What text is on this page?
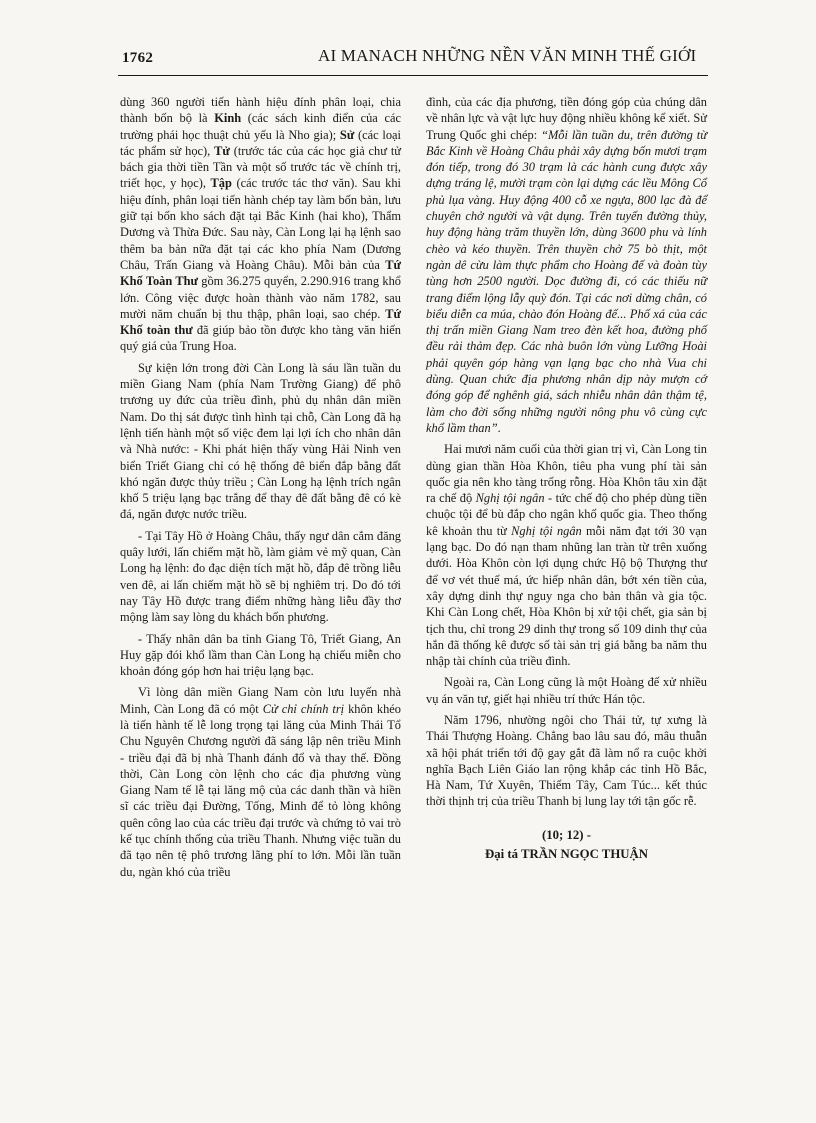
1762	AI MANACH NHỮNG NỀN VĂN MINH THẾ GIỚI

dùng 360 người tiến hành hiệu đính phân loại, chia thành bốn bộ là Kinh (các sách kinh điển của các trường phái học thuật chủ yếu là Nho gia); Sử (các loại tác phẩm sử học), Tử (trước tác của các học giả chư tử bách gia thời tiền Tần và một số trước tác về chính trị, triết học, y học), Tập (các trước tác thơ văn). Sau khi hiệu đính, phân loại tiến hành chép tay làm bốn bản, lưu giữ tại bốn kho sách đặt tại Bắc Kinh (hai kho), Thẩm Dương và Thừa Đức. Sau này, Càn Long lại hạ lệnh sao thêm ba bản nữa đặt tại các kho phía Nam (Dương Châu, Trấn Giang và Hoàng Châu). Mỗi bản của Tứ Khố Toàn Thư gồm 36.275 quyển, 2.290.916 trang khổ lớn. Công việc được hoàn thành vào năm 1782, sau mười năm chuẩn bị thu thập, phân loại, sao chép. Tứ Khố toàn thư đã giúp bảo tồn được kho tàng văn hiến quý giá của Trung Hoa.

Sự kiện lớn trong đời Càn Long là sáu lần tuần du miền Giang Nam (phía Nam Trường Giang) để phô trương uy đức của triều đình, phủ dụ nhân dân miền Nam. Do thị sát được tình hình tại chỗ, Càn Long đã hạ lệnh tiến hành một số việc đem lại lợi ích cho nhân dân và Nhà nước: - Khi phát hiện thấy vùng Hải Ninh ven biển Triết Giang chỉ có hệ thống đê biển đắp bằng đất khó ngăn được thủy triều ; Càn Long hạ lệnh trích ngân khố 5 triệu lạng bạc trắng để thay đê đất bằng đê có kè đá, ngăn được nước triều.

- Tại Tây Hồ ở Hoàng Châu, thấy ngư dân cắm đăng quây lưới, lấn chiếm mặt hồ, làm giảm vẻ mỹ quan, Càn Long hạ lệnh: đo đạc diện tích mặt hồ, đắp đê trồng liễu ven đê, ai lấn chiếm mặt hồ sẽ bị nghiêm trị. Do đó tới nay Tây Hồ được trang điểm những hàng liễu đầy thơ mộng làm say lòng du khách bốn phương.

- Thấy nhân dân ba tỉnh Giang Tô, Triết Giang, An Huy gặp đói khổ lầm than Càn Long hạ chiếu miễn cho khoản đóng góp hơn hai triệu lạng bạc.

Vì lòng dân miền Giang Nam còn lưu luyến nhà Minh, Càn Long đã có một Cử chỉ chính trị khôn khéo là tiến hành tế lễ long trọng tại lăng của Minh Thái Tổ Chu Nguyên Chương người đã sáng lập nên triều Minh - triều đại đã bị nhà Thanh đánh đổ và thay thế. Đồng thời, Càn Long còn lệnh cho các địa phương vùng Giang Nam tế lễ tại lăng mộ của các danh thần và hiền sĩ các triều đại Đường, Tống, Minh để tỏ lòng không quên công lao của các triều đại trước và chứng tỏ vai trò kế tục chính thống của triều Thanh. Nhưng việc tuần du đã tạo nên tệ phô trương lãng phí to lớn. Mỗi lần tuần du, ngàn khó của triều

đình, của các địa phương, tiền đóng góp của chúng dân về nhân lực và vật lực huy động nhiều không kể xiết. Sử Trung Quốc ghi chép: “Mỗi lần tuần du, trên đường từ Bắc Kinh về Hoàng Châu phải xây dựng bốn mươi trạm đón tiếp, trong đó 30 trạm là các hành cung được xây dựng tráng lệ, mười trạm còn lại dựng các lều Mông Cổ phủ lụa vàng. Huy động 400 cỗ xe ngựa, 800 lạc đà để chuyên chở người và vật dụng. Trên tuyến đường thủy, huy động hàng trăm thuyền lớn, dùng 3600 phu và lính chèo và kéo thuyền. Trên thuyền chở 75 bò thịt, một ngàn dê cừu làm thực phẩm cho Hoàng đế và đoàn tùy tùng hơn 2500 người. Dọc đường đi, có các thiếu nữ trang điểm lộng lẫy quỳ đón. Tại các nơi dừng chân, có biểu diễn ca múa, chào đón Hoàng đế... Phố xá của các thị trấn miền Giang Nam treo đèn kết hoa, đường phố đều rải thảm đẹp. Các nhà buôn lớn vùng Lưỡng Hoài phải quyên góp hàng vạn lạng bạc cho nhà Vua chi dùng. Quan chức địa phương nhân dịp này mượn cớ đóng góp để nghênh giá, sách nhiễu nhân dân thậm tệ, làm cho đời sống những người nông phu vô cùng cực khổ lầm than”.

Hai mươi năm cuối của thời gian trị vì, Càn Long tin dùng gian thần Hòa Khôn, tiêu pha vung phí tài sản quốc gia nên kho tàng trống rỗng. Hòa Khôn tâu xin đặt ra chế độ Nghị tội ngân - tức chế độ cho phép dùng tiền chuộc tội để bù đắp cho ngân khố quốc gia. Theo thống kê khoản thu từ Nghị tội ngân mỗi năm đạt tới 30 vạn lạng bạc. Do đó nạn tham nhũng lan tràn từ trên xuống dưới. Hòa Khôn còn lợi dụng chức Hộ bộ Thượng thư để vơ vét thuế má, ức hiếp nhân dân, bớt xén tiền của, xây dựng dinh thự nguy nga cho bản thân và gia tộc. Khi Càn Long chết, Hòa Khôn bị xử tội chết, gia sản bị tịch thu, chỉ trong 29 dinh thự trong số 109 dinh thự của hắn đã thống kê được số tài sản trị giá bằng ba năm thu nhập tài chính của triều đình.

Ngoài ra, Càn Long cũng là một Hoàng đế xử nhiều vụ án văn tự, giết hại nhiều trí thức Hán tộc.

Năm 1796, nhường ngôi cho Thái tử, tự xưng là Thái Thượng Hoàng. Chẳng bao lâu sau đó, mâu thuẫn xã hội phát triển tới độ gay gắt đã làm nổ ra cuộc khởi nghĩa Bạch Liên Giáo lan rộng khắp các tỉnh Hồ Bắc, Hà Nam, Tứ Xuyên, Thiểm Tây, Cam Túc... kết thúc thời thịnh trị của triều Thanh bị lung lay tới tận gốc rễ.

(10; 12) -
Đại tá TRẦN NGỌC THUẬN
